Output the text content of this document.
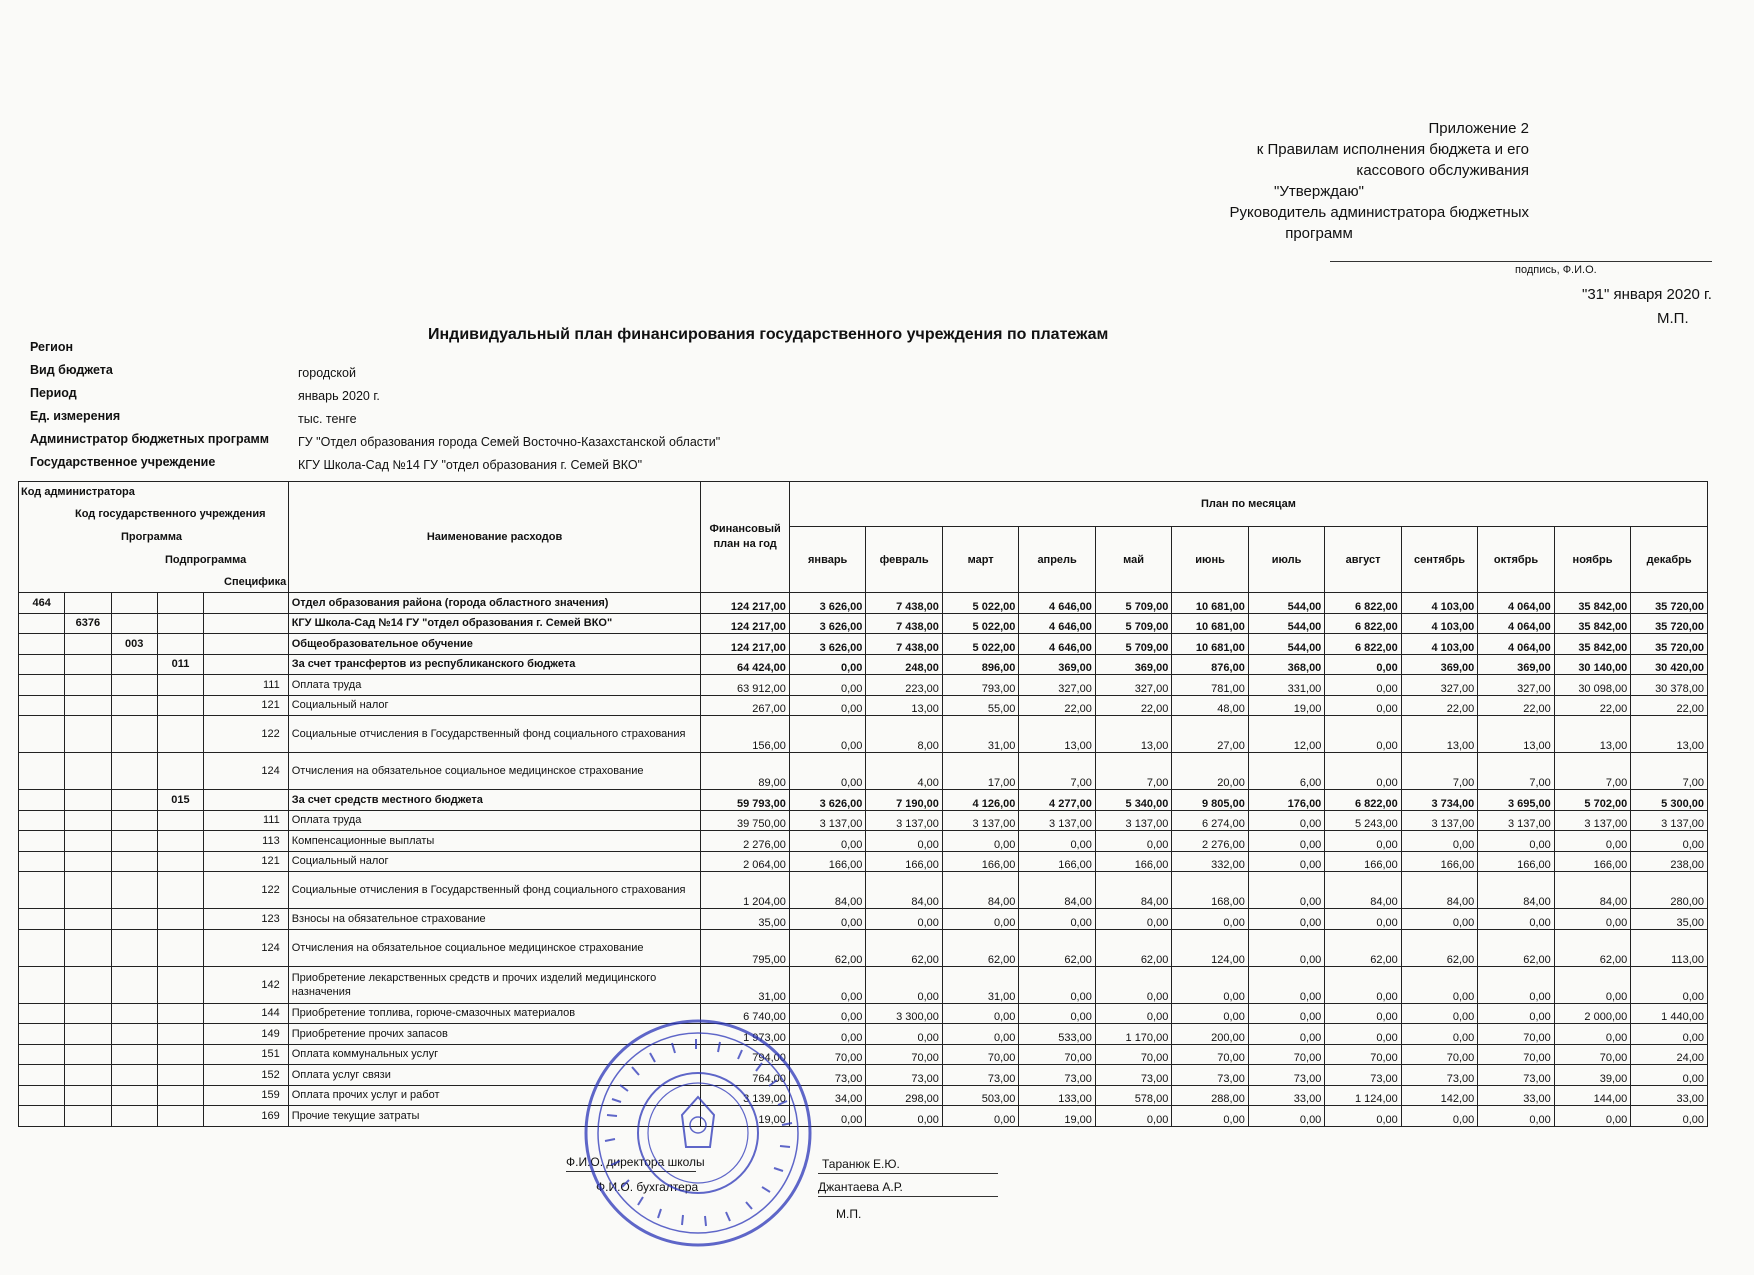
Приложение 2
к Правилам исполнения бюджета и его
кассового обслуживания
"Утверждаю"
Руководитель администратора бюджетных
программ
подпись, Ф.И.О.
"31" января 2020 г.
М.П.
Индивидуальный план финансирования государственного учреждения по платежам
Регион
Вид бюджета	городской
Период	январь 2020 г.
Ед. измерения	тыс. тенге
Администратор бюджетных программ ГУ "Отдел образования города Семей Восточно-Казахстанской области"
Государственное учреждение	КГУ Школа-Сад №14 ГУ "отдел образования г. Семей ВКО"
Код администратора
Код государственного учреждения
Программа
Подпрограмма
Специфика					Наименование расходов	Финансовый план на год	План по месяцам											
							январь	февраль	март	апрель	май	июнь	июль	август	сентябрь	октябрь	ноябрь	декабрь
464					Отдел образования района (города областного значения)	124 217,00	3 626,00	7 438,00	5 022,00	4 646,00	5 709,00	10 681,00	544,00	6 822,00	4 103,00	4 064,00	35 842,00	35 720,00
	6376				КГУ Школа-Сад №14 ГУ "отдел образования г. Семей ВКО"	124 217,00	3 626,00	7 438,00	5 022,00	4 646,00	5 709,00	10 681,00	544,00	6 822,00	4 103,00	4 064,00	35 842,00	35 720,00
		003			Общеобразовательное обучение	124 217,00	3 626,00	7 438,00	5 022,00	4 646,00	5 709,00	10 681,00	544,00	6 822,00	4 103,00	4 064,00	35 842,00	35 720,00
			011		За счет трансфертов из республиканского бюджета	64 424,00	0,00	248,00	896,00	369,00	369,00	876,00	368,00	0,00	369,00	369,00	30 140,00	30 420,00
				111	Оплата труда	63 912,00	0,00	223,00	793,00	327,00	327,00	781,00	331,00	0,00	327,00	327,00	30 098,00	30 378,00
				121	Социальный налог	267,00	0,00	13,00	55,00	22,00	22,00	48,00	19,00	0,00	22,00	22,00	22,00	22,00
				122	Социальные отчисления в Государственный фонд социального страхования	156,00	0,00	8,00	31,00	13,00	13,00	27,00	12,00	0,00	13,00	13,00	13,00	13,00
				124	Отчисления на обязательное социальное медицинское страхование	89,00	0,00	4,00	17,00	7,00	7,00	20,00	6,00	0,00	7,00	7,00	7,00	7,00
			015		За счет средств местного бюджета	59 793,00	3 626,00	7 190,00	4 126,00	4 277,00	5 340,00	9 805,00	176,00	6 822,00	3 734,00	3 695,00	5 702,00	5 300,00
				111	Оплата труда	39 750,00	3 137,00	3 137,00	3 137,00	3 137,00	3 137,00	6 274,00	0,00	5 243,00	3 137,00	3 137,00	3 137,00	3 137,00
				113	Компенсационные выплаты	2 276,00	0,00	0,00	0,00	0,00	0,00	2 276,00	0,00	0,00	0,00	0,00	0,00	0,00
				121	Социальный налог	2 064,00	166,00	166,00	166,00	166,00	166,00	332,00	0,00	166,00	166,00	166,00	166,00	238,00
				122	Социальные отчисления в Государственный фонд социального страхования	1 204,00	84,00	84,00	84,00	84,00	84,00	168,00	0,00	84,00	84,00	84,00	84,00	280,00
				123	Взносы на обязательное страхование	35,00	0,00	0,00	0,00	0,00	0,00	0,00	0,00	0,00	0,00	0,00	0,00	35,00
				124	Отчисления на обязательное социальное медицинское страхование	795,00	62,00	62,00	62,00	62,00	62,00	124,00	0,00	62,00	62,00	62,00	62,00	113,00
				142	Приобретение лекарственных средств и прочих изделий медицинского назначения	31,00	0,00	0,00	31,00	0,00	0,00	0,00	0,00	0,00	0,00	0,00	0,00	0,00
				144	Приобретение топлива, горюче-смазочных материалов	6 740,00	0,00	3 300,00	0,00	0,00	0,00	0,00	0,00	0,00	0,00	0,00	2 000,00	1 440,00
				149	Приобретение прочих запасов	1 973,00	0,00	0,00	0,00	533,00	1 170,00	200,00	0,00	0,00	0,00	70,00	0,00	0,00
				151	Оплата коммунальных услуг	794,00	70,00	70,00	70,00	70,00	70,00	70,00	70,00	70,00	70,00	70,00	70,00	24,00
				152	Оплата услуг связи	764,00	73,00	73,00	73,00	73,00	73,00	73,00	73,00	73,00	73,00	73,00	39,00	0,00
				159	Оплата прочих услуг и работ	3 139,00	34,00	298,00	503,00	133,00	578,00	288,00	33,00	1 124,00	142,00	33,00	144,00	33,00
				169	Прочие текущие затраты	19,00	0,00	0,00	0,00	19,00	0,00	0,00	0,00	0,00	0,00	0,00	0,00	0,00
Ф.И.О. директора школы	Таранюк Е.Ю.
Ф.И.О. бухгалтера	Джантаева А.Р.
М.П.
